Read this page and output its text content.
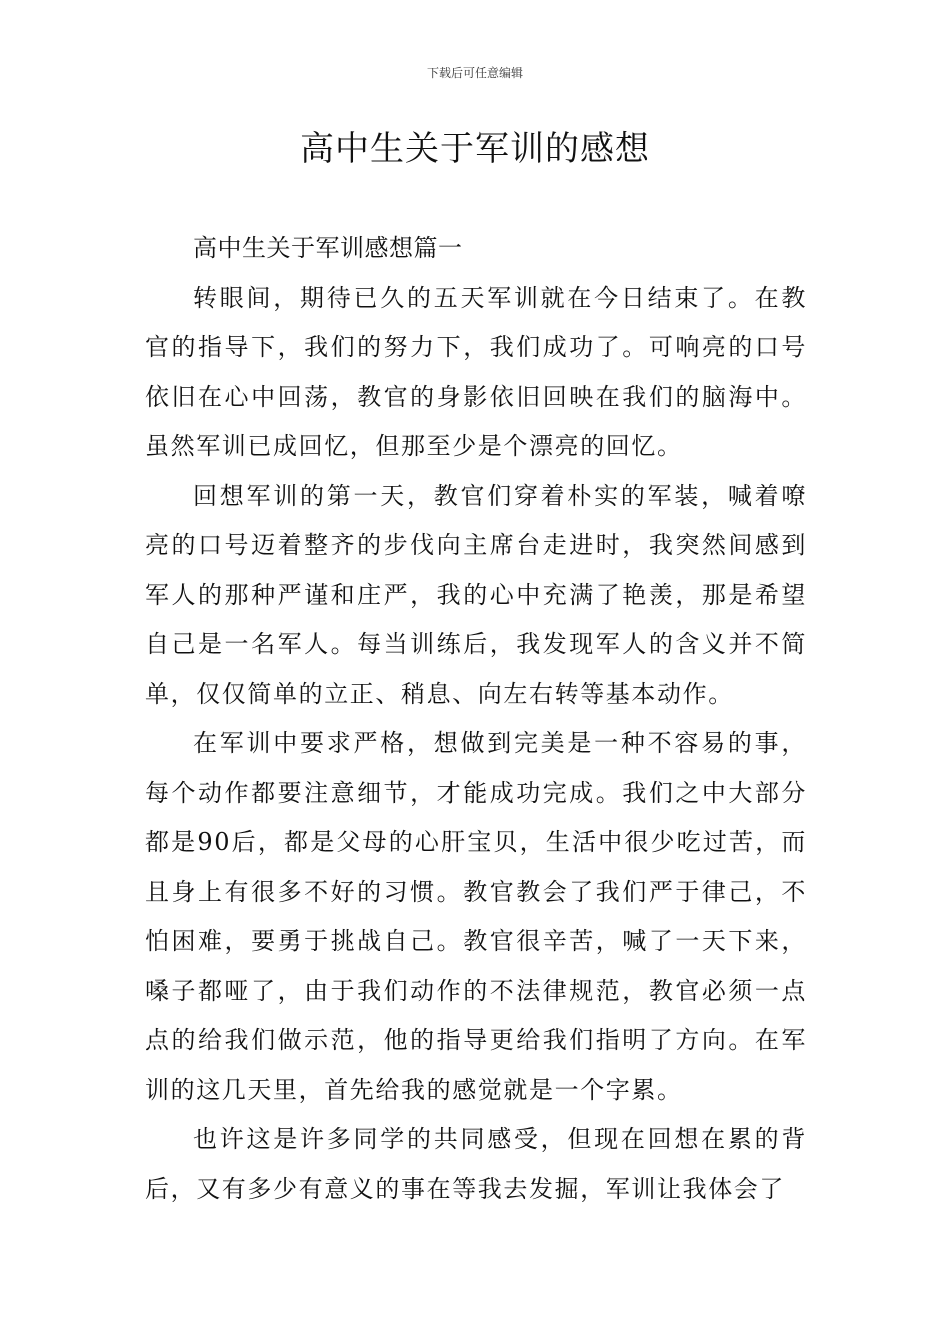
下载后可任意编辑
高中生关于军训的感想

高中生关于军训感想篇一

转眼间，期待已久的五天军训就在今日结束了。在教官的指导下，我们的努力下，我们成功了。可响亮的口号依旧在心中回荡，教官的身影依旧回映在我们的脑海中。虽然军训已成回忆，但那至少是个漂亮的回忆。

回想军训的第一天，教官们穿着朴实的军装，喊着嘹亮的口号迈着整齐的步伐向主席台走进时，我突然间感到军人的那种严谨和庄严，我的心中充满了艳羡，那是希望自己是一名军人。每当训练后，我发现军人的含义并不简单，仅仅简单的立正、稍息、向左右转等基本动作。

在军训中要求严格，想做到完美是一种不容易的事，每个动作都要注意细节，才能成功完成。我们之中大部分都是90后，都是父母的心肝宝贝，生活中很少吃过苦，而且身上有很多不好的习惯。教官教会了我们严于律己，不怕困难，要勇于挑战自己。教官很辛苦，喊了一天下来，嗓子都哑了，由于我们动作的不法律规范，教官必须一点点的给我们做示范，他的指导更给我们指明了方向。在军训的这几天里，首先给我的感觉就是一个字累。

也许这是许多同学的共同感受，但现在回想在累的背后，又有多少有意义的事在等我去发掘，军训让我体会了
